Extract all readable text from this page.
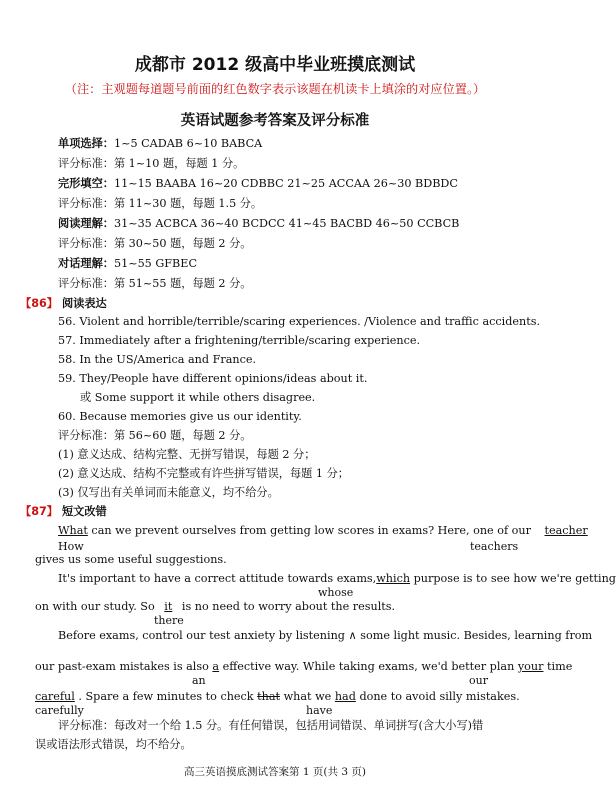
成都市 2012 级高中毕业班摸底测试
（注：主观题每道题号前面的红色数字表示该题在机读卡上填涂的对应位置。）
英语试题参考答案及评分标准
单项选择：1~5 CADAB 6~10 BABCA
评分标准：第 1~10 题，每题 1 分。
完形填空：11~15 BAABA 16~20 CDBBC 21~25 ACCAA 26~30 BDBDC
评分标准：第 11~30 题，每题 1.5 分。
阅读理解：31~35 ACBCA 36~40 BCDCC 41~45 BACBD 46~50 CCBCB
评分标准：第 30~50 题，每题 2 分。
对话理解：51~55 GFBEC
评分标准：第 51~55 题，每题 2 分。
【86】 阅读表达
56. Violent and horrible/terrible/scaring experiences. /Violence and traffic accidents.
57. Immediately after a frightening/terrible/scaring experience.
58. In the US/America and France.
59. They/People have different opinions/ideas about it.
或 Some support it while others disagree.
60. Because memories give us our identity.
评分标准：第 56~60 题，每题 2 分。
(1) 意义达成、结构完整、无拼写错误，每题 2 分；
(2) 意义达成、结构不完整或有许些拼写错误，每题 1 分；
(3) 仅写出有关单词而未能意义，均不给分。
【87】 短文改错
What can we prevent ourselves from getting low scores in exams? Here, one of our teacher
How	teachers
gives us some useful suggestions.
It's important to have a correct attitude towards exams,which purpose is to see how we're getting
whose
on with our study. So it is no need to worry about the results.
there
Before exams, control our test anxiety by listening ∧ some light music. Besides, learning from
our past-exam mistakes is also a effective way. While taking exams, we'd better plan your time
an	our
careful . Spare a few minutes to check that what we had done to avoid silly mistakes.
carefully	have
评分标准：每改对一个给 1.5 分。有任何错误，包括用词错误、单词拼写(含大小写)错
误或语法形式错误，均不给分。
高三英语摸底测试答案第 1 页(共 3 页)
